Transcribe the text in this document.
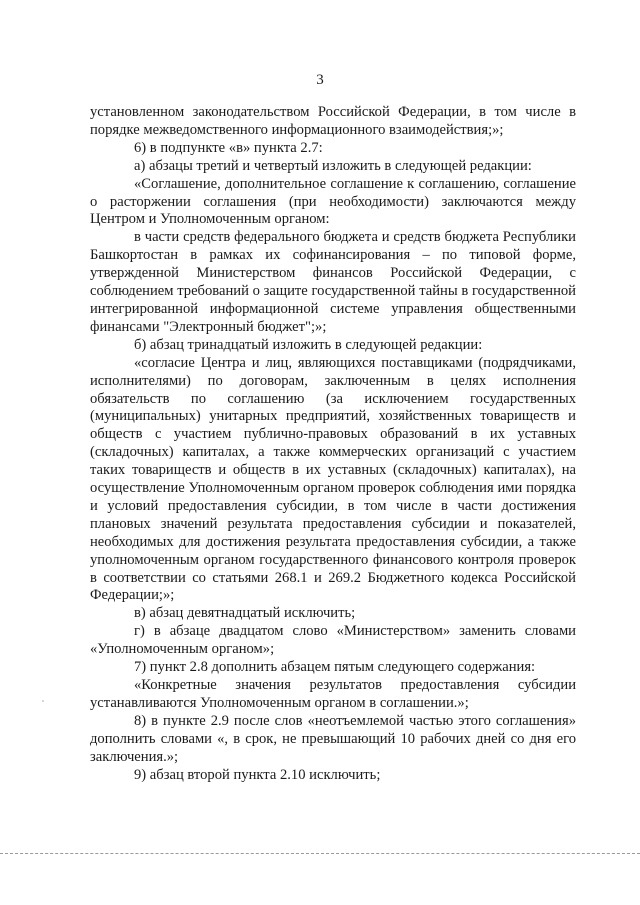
3

установленном законодательством Российской Федерации, в том числе в порядке межведомственного информационного взаимодействия;»;

6) в подпункте «в» пункта 2.7:

а) абзацы третий и четвертый изложить в следующей редакции:

«Соглашение, дополнительное соглашение к соглашению, соглашение о расторжении соглашения (при необходимости) заключаются между Центром и Уполномоченным органом:

в части средств федерального бюджета и средств бюджета Республики Башкортостан в рамках их софинансирования – по типовой форме, утвержденной Министерством финансов Российской Федерации, с соблюдением требований о защите государственной тайны в государственной интегрированной информационной системе управления общественными финансами "Электронный бюджет";»;

б) абзац тринадцатый изложить в следующей редакции:

«согласие Центра и лиц, являющихся поставщиками (подрядчиками, исполнителями) по договорам, заключенным в целях исполнения обязательств по соглашению (за исключением государственных (муниципальных) унитарных предприятий, хозяйственных товариществ и обществ с участием публично-правовых образований в их уставных (складочных) капиталах, а также коммерческих организаций с участием таких товариществ и обществ в их уставных (складочных) капиталах), на осуществление Уполномоченным органом проверок соблюдения ими порядка и условий предоставления субсидии, в том числе в части достижения плановых значений результата предоставления субсидии и показателей, необходимых для достижения результата предоставления субсидии, а также уполномоченным органом государственного финансового контроля проверок в соответствии со статьями 268.1 и 269.2 Бюджетного кодекса Российской Федерации;»;

в) абзац девятнадцатый исключить;

г) в абзаце двадцатом слово «Министерством» заменить словами «Уполномоченным органом»;

7) пункт 2.8 дополнить абзацем пятым следующего содержания:

«Конкретные значения результатов предоставления субсидии устанавливаются Уполномоченным органом в соглашении.»;

8) в пункте 2.9 после слов «неотъемлемой частью этого соглашения» дополнить словами «, в срок, не превышающий 10 рабочих дней со дня его заключения.»;

9) абзац второй пункта 2.10 исключить;
